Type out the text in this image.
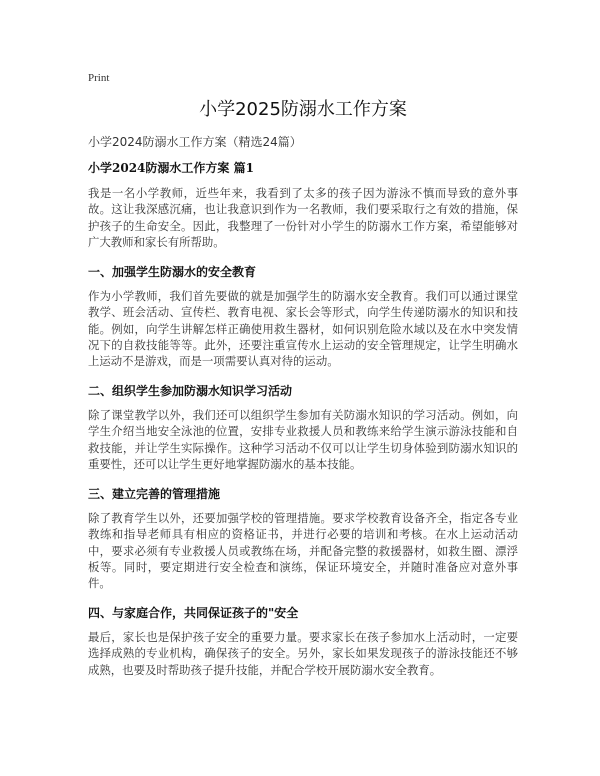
Print
小学2025防溺水工作方案
小学2024防溺水工作方案（精选24篇）
小学2024防溺水工作方案 篇1

我是一名小学教师，近些年来，我看到了太多的孩子因为游泳不慎而导致的意外事故。这让我深感沉痛，也让我意识到作为一名教师，我们要采取行之有效的措施，保护孩子的生命安全。因此，我整理了一份针对小学生的防溺水工作方案，希望能够对广大教师和家长有所帮助。

一、加强学生防溺水的安全教育

作为小学教师，我们首先要做的就是加强学生的防溺水安全教育。我们可以通过课堂教学、班会活动、宣传栏、教育电视、家长会等形式，向学生传递防溺水的知识和技能。例如，向学生讲解怎样正确使用救生器材，如何识别危险水域以及在水中突发情况下的自救技能等等。此外，还要注重宣传水上运动的安全管理规定，让学生明确水上运动不是游戏，而是一项需要认真对待的运动。

二、组织学生参加防溺水知识学习活动

除了课堂教学以外，我们还可以组织学生参加有关防溺水知识的学习活动。例如，向学生介绍当地安全泳池的位置，安排专业救援人员和教练来给学生演示游泳技能和自救技能，并让学生实际操作。这种学习活动不仅可以让学生切身体验到防溺水知识的重要性，还可以让学生更好地掌握防溺水的基本技能。

三、建立完善的管理措施

除了教育学生以外，还要加强学校的管理措施。要求学校教育设备齐全，指定各专业教练和指导老师具有相应的资格证书，并进行必要的培训和考核。在水上运动活动中，要求必须有专业救援人员或教练在场，并配备完整的救援器材，如救生圈、漂浮板等。同时，要定期进行安全检查和演练，保证环境安全，并随时准备应对意外事件。

四、与家庭合作，共同保证孩子的"安全

最后，家长也是保护孩子安全的重要力量。要求家长在孩子参加水上活动时，一定要选择成熟的专业机构，确保孩子的安全。另外，家长如果发现孩子的游泳技能还不够成熟，也要及时帮助孩子提升技能，并配合学校开展防溺水安全教育。
